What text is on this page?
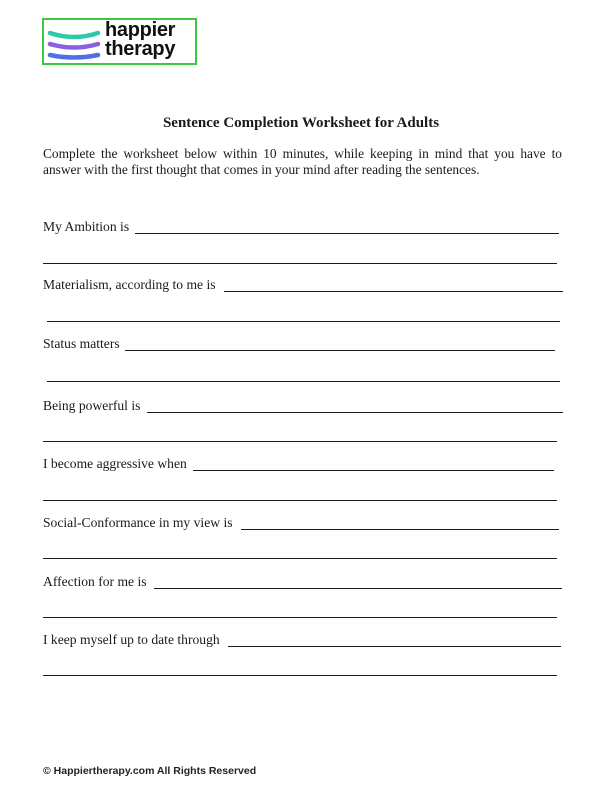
happier
therapy
Sentence Completion Worksheet for Adults
Complete the worksheet below within 10 minutes, while keeping in mind that you have to answer with the first thought that comes in your mind after reading the sentences.
My Ambition is
Materialism, according to me is
Status matters
Being powerful is
I become aggressive when
Social-Conformance in my view is
Affection for me is
I keep myself up to date through
© Happiertherapy.com All Rights Reserved
